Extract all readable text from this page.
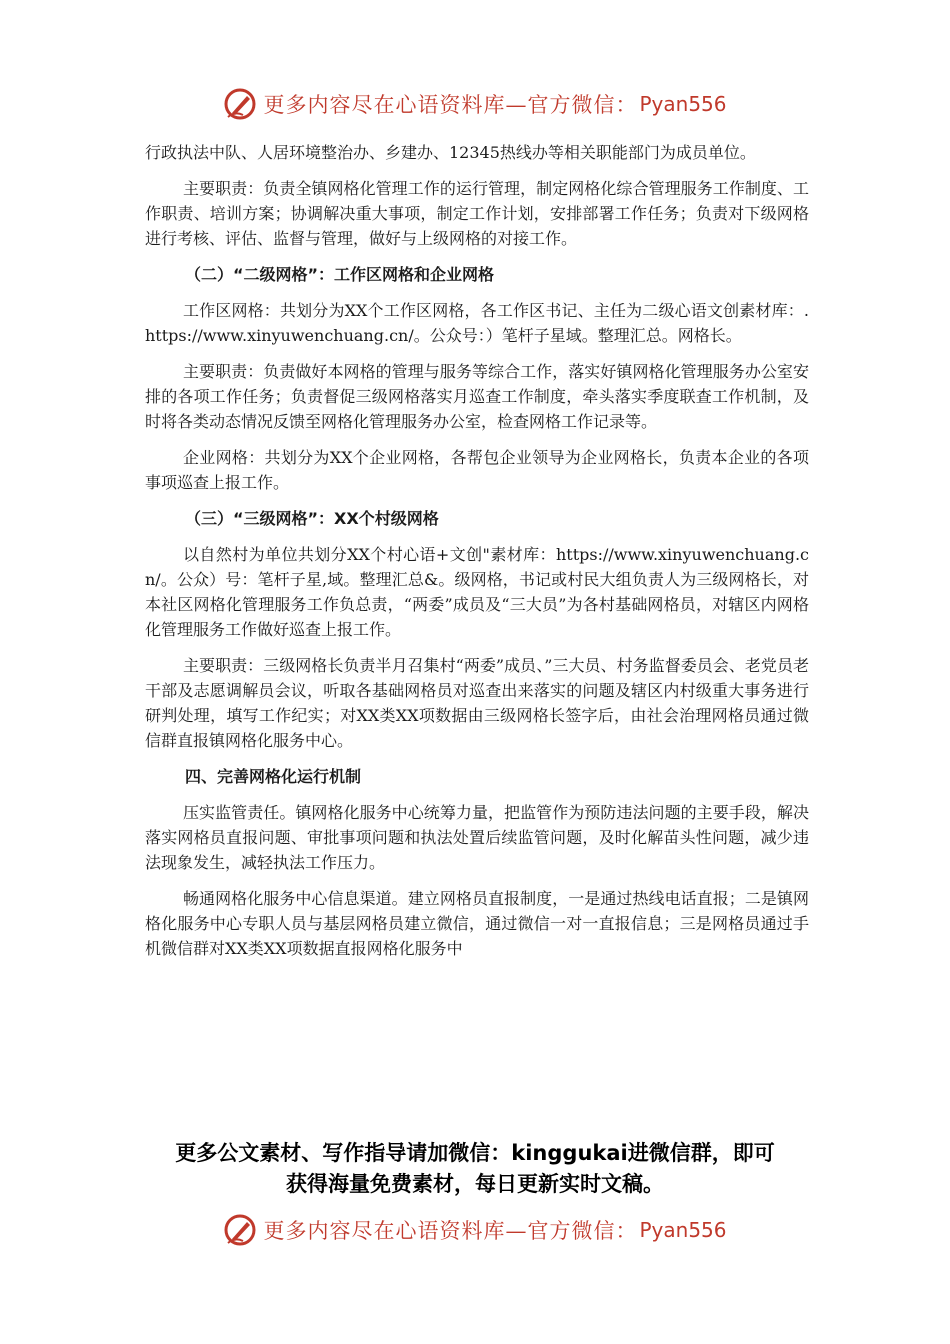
更多内容尽在心语资料库—官方微信： Pyan556

行政执法中队、人居环境整治办、乡建办、12345热线办等相关职能部门为成员单位。

主要职责：负责全镇网格化管理工作的运行管理，制定网格化综合管理服务工作制度、工作职责、培训方案；协调解决重大事项，制定工作计划，安排部署工作任务；负责对下级网格进行考核、评估、监督与管理，做好与上级网格的对接工作。

（二）“二级网格”：工作区网格和企业网格

工作区网格：共划分为XX个工作区网格，各工作区书记、主任为二级心语文创素材库：.https://www.xinyuwenchuang.cn/。公众号：）笔杆子星域。整理汇总。网格长。

主要职责：负责做好本网格的管理与服务等综合工作，落实好镇网格化管理服务办公室安排的各项工作任务；负责督促三级网格落实月巡查工作制度，牵头落实季度联查工作机制，及时将各类动态情况反馈至网格化管理服务办公室，检查网格工作记录等。

企业网格：共划分为XX个企业网格，各帮包企业领导为企业网格长，负责本企业的各项事项巡查上报工作。

（三）“三级网格”：XX个村级网格

以自然村为单位共划分XX个村心语+文创"素材库：https://www.xinyuwenchuang.cn/。公众）号：笔杆子星,域。整理汇总&。级网格，书记或村民大组负责人为三级网格长，对本社区网格化管理服务工作负总责，“两委”成员及“三大员”为各村基础网格员，对辖区内网格化管理服务工作做好巡查上报工作。

主要职责：三级网格长负责半月召集村“两委”成员、”三大员、村务监督委员会、老党员老干部及志愿调解员会议，听取各基础网格员对巡查出来落实的问题及辖区内村级重大事务进行研判处理，填写工作纪实；对XX类XX项数据由三级网格长签字后，由社会治理网格员通过微信群直报镇网格化服务中心。

四、完善网格化运行机制

压实监管责任。镇网格化服务中心统筹力量，把监管作为预防违法问题的主要手段，解决落实网格员直报问题、审批事项问题和执法处置后续监管问题，及时化解苗头性问题，减少违法现象发生，减轻执法工作压力。

畅通网格化服务中心信息渠道。建立网格员直报制度，一是通过热线电话直报；二是镇网格化服务中心专职人员与基层网格员建立微信，通过微信一对一直报信息；三是网格员通过手机微信群对XX类XX项数据直报网格化服务中

更多公文素材、写作指导请加微信：kinggukai进微信群，即可
获得海量免费素材，每日更新实时文稿。
更多内容尽在心语资料库—官方微信： Pyan556
